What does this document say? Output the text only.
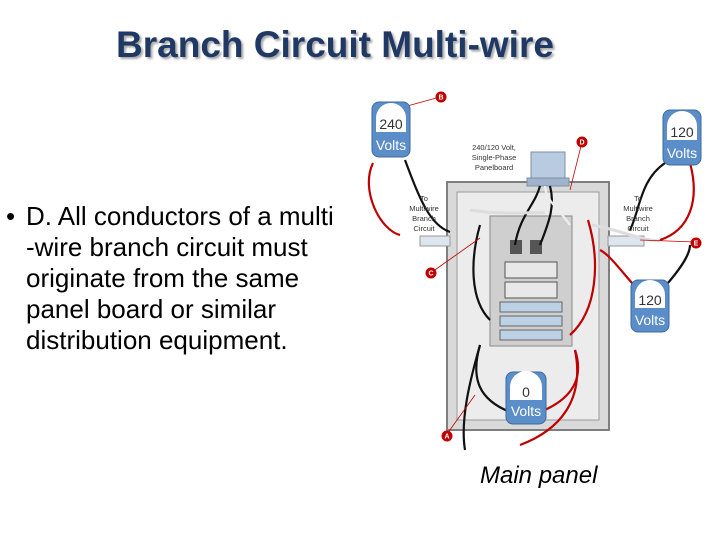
Branch Circuit Multi-wire
240
Volts
120
Volts
120
Volts
0
Volts
240/120 Volt,
Single-Phase
Panelboard
To
Multiwire
Branch
Circuit
To
Multiwire
Branch
Circuit
A
B
C
D
E
• D. All conductors of a multi
-wire branch circuit must
originate from the same
panel board or similar
distribution equipment.
Main panel
